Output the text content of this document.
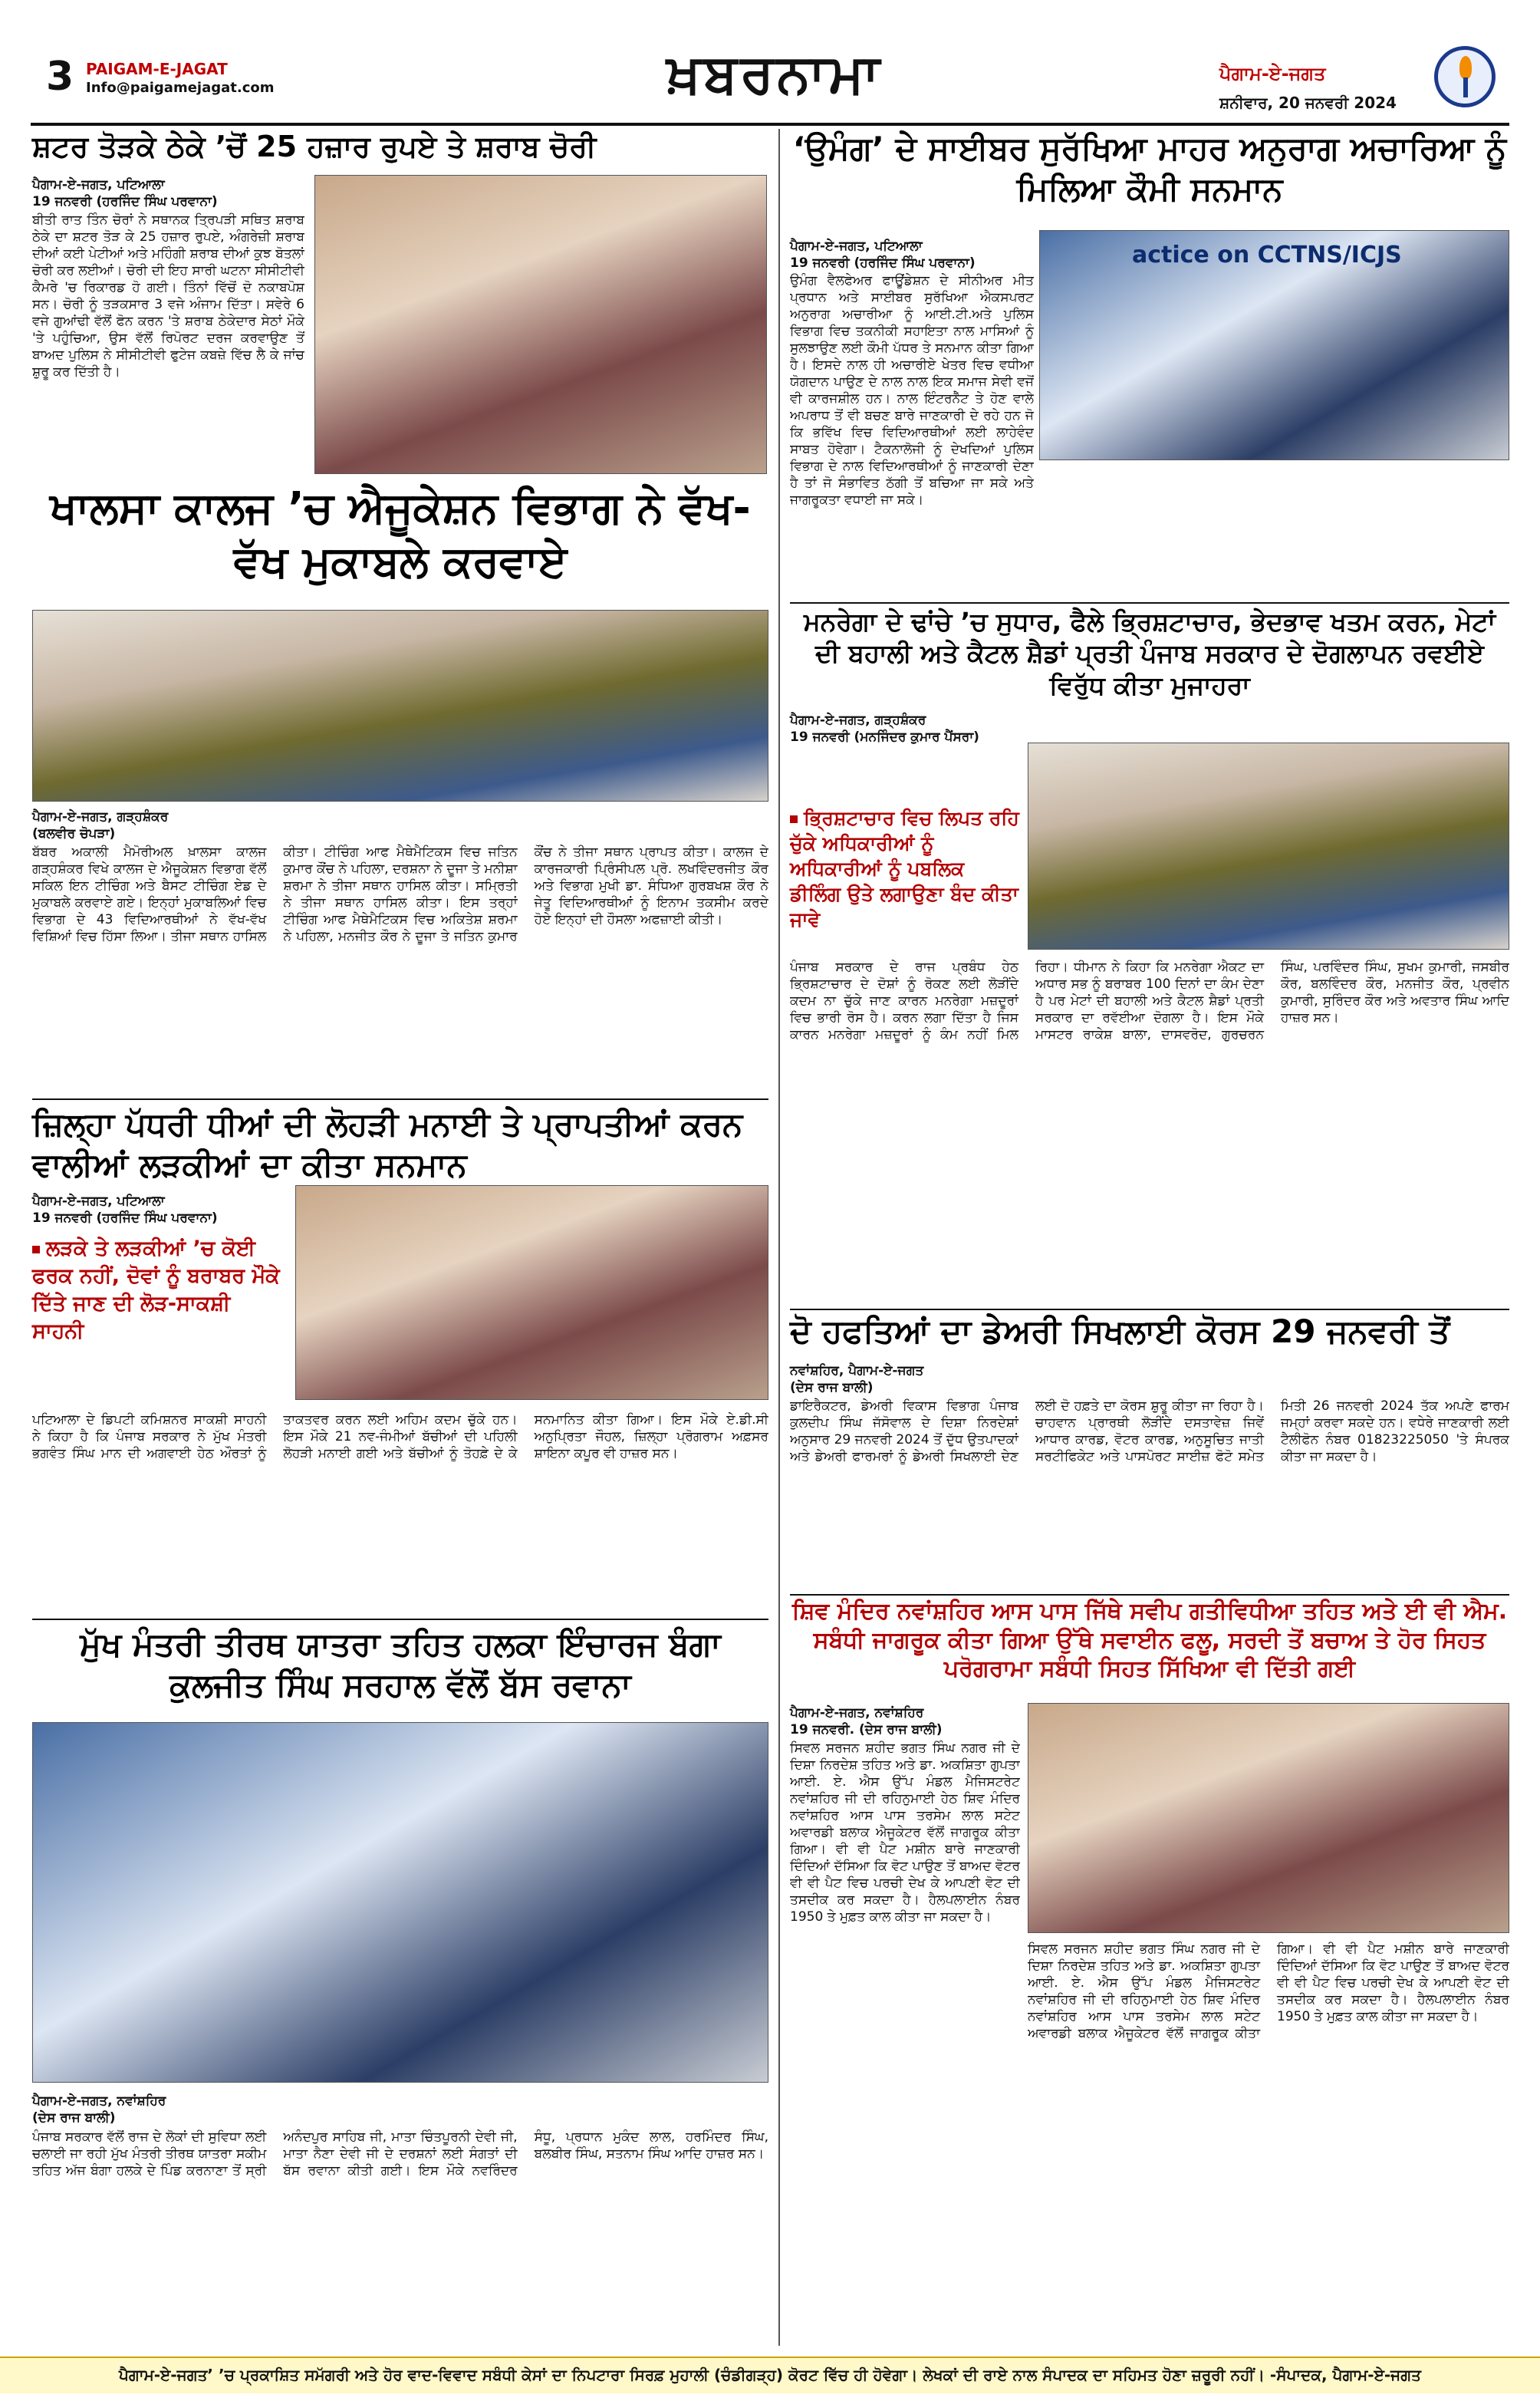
3 PAIGAM-E-JAGAT
Info@paigamejagat.com	ਖ਼ਬਰਨਾਮਾ	ਪੈਗਾਮ-ਏ-ਜਗਤ
ਸ਼ਨੀਵਾਰ, 20 ਜਨਵਰੀ 2024
ਸ਼ਟਰ ਤੋੜਕੇ ਠੇਕੇ ’ਚੋਂ 25 ਹਜ਼ਾਰ ਰੁਪਏ ਤੇ ਸ਼ਰਾਬ ਚੋਰੀ
ਪੈਗਾਮ-ਏ-ਜਗਤ, ਪਟਿਆਲਾ
19 ਜਨਵਰੀ (ਹਰਜਿੰਦ ਸਿੰਘ ਪਰਵਾਨਾ)
ਬੀਤੀ ਰਾਤ ਤਿੰਨ ਚੋਰਾਂ ਨੇ ਸਥਾਨਕ ਤ੍ਰਿਪੜੀ ਸਥਿਤ ਸ਼ਰਾਬ ਠੇਕੇ ਦਾ ਸ਼ਟਰ ਤੋੜ ਕੇ 25 ਹਜ਼ਾਰ ਰੁਪਏ, ਅੰਗਰੇਜ਼ੀ ਸ਼ਰਾਬ ਦੀਆਂ ਕਈ ਪੇਟੀਆਂ ਅਤੇ ਮਹਿੰਗੀ ਸ਼ਰਾਬ ਦੀਆਂ ਕੁਝ ਬੋਤਲਾਂ ਚੋਰੀ ਕਰ ਲਈਆਂ। ਚੋਰੀ ਦੀ ਇਹ ਸਾਰੀ ਘਟਨਾ ਸੀਸੀਟੀਵੀ ਕੈਮਰੇ 'ਚ ਰਿਕਾਰਡ ਹੋ ਗਈ। ਤਿੰਨਾਂ ਵਿੱਚੋਂ ਦੋ ਨਕਾਬਪੋਸ਼ ਸਨ। ਚੋਰੀ ਨੂੰ ਤੜਕਸਾਰ 3 ਵਜੇ ਅੰਜਾਮ ਦਿੱਤਾ। ਸਵੇਰੇ 6 ਵਜੇ ਗੁਆਂਢੀ ਵੱਲੋਂ ਫੋਨ ਕਰਨ 'ਤੇ ਸ਼ਰਾਬ ਠੇਕੇਦਾਰ ਸੇਠਾਂ ਮੌਕੇ 'ਤੇ ਪਹੁੰਚਿਆ, ਉਸ ਵੱਲੋਂ ਰਿਪੋਰਟ ਦਰਜ ਕਰਵਾਉਣ ਤੋਂ ਬਾਅਦ ਪੁਲਿਸ ਨੇ ਸੀਸੀਟੀਵੀ ਫੁਟੇਜ ਕਬਜ਼ੇ ਵਿੱਚ ਲੈ ਕੇ ਜਾਂਚ ਸ਼ੁਰੂ ਕਰ ਦਿੱਤੀ ਹੈ।
ਖਾਲਸਾ ਕਾਲਜ ’ਚ ਐਜੂਕੇਸ਼ਨ ਵਿਭਾਗ ਨੇ ਵੱਖ-ਵੱਖ ਮੁਕਾਬਲੇ ਕਰਵਾਏ
ਪੈਗਾਮ-ਏ-ਜਗਤ, ਗੜ੍ਹਸ਼ੰਕਰ
(ਬਲਵੀਰ ਚੋਪੜਾ)
ਬੱਬਰ ਅਕਾਲੀ ਮੈਮੋਰੀਅਲ ਖ਼ਾਲਸਾ ਕਾਲਜ ਗੜ੍ਹਸ਼ੰਕਰ ਵਿਖੇ ਕਾਲਜ ਦੇ ਐਜੂਕੇਸ਼ਨ ਵਿਭਾਗ ਵੱਲੋਂ ਸਕਿਲ ਇਨ ਟੀਚਿੰਗ ਅਤੇ ਬੈਸਟ ਟੀਚਿੰਗ ਏਡ ਦੇ ਮੁਕਾਬਲੇ ਕਰਵਾਏ ਗਏ। ਇਨ੍ਹਾਂ ਮੁਕਾਬਲਿਆਂ ਵਿਚ ਵਿਭਾਗ ਦੇ 43 ਵਿਦਿਆਰਥੀਆਂ ਨੇ ਵੱਖ-ਵੱਖ ਵਿਸ਼ਿਆਂ ਵਿਚ ਹਿੱਸਾ ਲਿਆ। ਤੀਜਾ ਸਥਾਨ ਹਾਸਿਲ ਕੀਤਾ। ਟੀਚਿੰਗ ਆਫ ਮੈਥੇਮੈਟਿਕਸ ਵਿਚ ਜਤਿਨ ਕੁਮਾਰ ਕੌਂਚ ਨੇ ਪਹਿਲਾ, ਦਰਸ਼ਨਾ ਨੇ ਦੂਜਾ ਤੇ ਮਨੀਸ਼ਾ ਸ਼ਰਮਾ ਨੇ ਤੀਜਾ ਸਥਾਨ ਹਾਸਿਲ ਕੀਤਾ। ਸਮ੍ਰਿਤੀ ਨੇ ਤੀਜਾ ਸਥਾਨ ਹਾਸਿਲ ਕੀਤਾ। ਇਸ ਤਰ੍ਹਾਂ ਟੀਚਿੰਗ ਆਫ ਮੈਥੇਮੈਟਿਕਸ ਵਿਚ ਅਕਿਤੇਸ਼ ਸ਼ਰਮਾ ਨੇ ਪਹਿਲਾ, ਮਨਜੀਤ ਕੌਰ ਨੇ ਦੂਜਾ ਤੇ ਜਤਿਨ ਕੁਮਾਰ ਕੌਂਚ ਨੇ ਤੀਜਾ ਸਥਾਨ ਪ੍ਰਾਪਤ ਕੀਤਾ। ਕਾਲਜ ਦੇ ਕਾਰਜਕਾਰੀ ਪ੍ਰਿੰਸੀਪਲ ਪ੍ਰੋ. ਲਖਵਿੰਦਰਜੀਤ ਕੌਰ ਅਤੇ ਵਿਭਾਗ ਮੁਖੀ ਡਾ. ਸੰਧਿਆ ਗੁਰਬਖਸ਼ ਕੌਰ ਨੇ ਜੇਤੂ ਵਿਦਿਆਰਥੀਆਂ ਨੂੰ ਇਨਾਮ ਤਕਸੀਮ ਕਰਦੇ ਹੋਏ ਇਨ੍ਹਾਂ ਦੀ ਹੌਸਲਾ ਅਫਜ਼ਾਈ ਕੀਤੀ।
ਜ਼ਿਲ੍ਹਾ ਪੱਧਰੀ ਧੀਆਂ ਦੀ ਲੋਹੜੀ ਮਨਾਈ ਤੇ ਪ੍ਰਾਪਤੀਆਂ ਕਰਨ ਵਾਲੀਆਂ ਲੜਕੀਆਂ ਦਾ ਕੀਤਾ ਸਨਮਾਨ
ਪੈਗਾਮ-ਏ-ਜਗਤ, ਪਟਿਆਲਾ
19 ਜਨਵਰੀ (ਹਰਜਿੰਦ ਸਿੰਘ ਪਰਵਾਨਾ)
ਲੜਕੇ ਤੇ ਲੜਕੀਆਂ ’ਚ ਕੋਈ ਫਰਕ ਨਹੀਂ, ਦੋਵਾਂ ਨੂੰ ਬਰਾਬਰ ਮੌਕੇ ਦਿੱਤੇ ਜਾਣ ਦੀ ਲੋੜ-ਸਾਕਸ਼ੀ ਸਾਹਨੀ
ਪਟਿਆਲਾ ਦੇ ਡਿਪਟੀ ਕਮਿਸ਼ਨਰ ਸਾਕਸ਼ੀ ਸਾਹਨੀ ਨੇ ਕਿਹਾ ਹੈ ਕਿ ਪੰਜਾਬ ਸਰਕਾਰ ਨੇ ਮੁੱਖ ਮੰਤਰੀ ਭਗਵੰਤ ਸਿੰਘ ਮਾਨ ਦੀ ਅਗਵਾਈ ਹੇਠ ਔਰਤਾਂ ਨੂੰ ਤਾਕਤਵਰ ਕਰਨ ਲਈ ਅਹਿਮ ਕਦਮ ਚੁੱਕੇ ਹਨ। ਇਸ ਮੌਕੇ 21 ਨਵ-ਜੰਮੀਆਂ ਬੱਚੀਆਂ ਦੀ ਪਹਿਲੀ ਲੋਹੜੀ ਮਨਾਈ ਗਈ ਅਤੇ ਬੱਚੀਆਂ ਨੂੰ ਤੋਹਫ਼ੇ ਦੇ ਕੇ ਸਨਮਾਨਿਤ ਕੀਤਾ ਗਿਆ। ਇਸ ਮੌਕੇ ਏ.ਡੀ.ਸੀ ਅਨੁਪ੍ਰਿਤਾ ਜੌਹਲ, ਜ਼ਿਲ੍ਹਾ ਪ੍ਰੋਗਰਾਮ ਅਫ਼ਸਰ ਸ਼ਾਇਨਾ ਕਪੂਰ ਵੀ ਹਾਜ਼ਰ ਸਨ।
ਮੁੱਖ ਮੰਤਰੀ ਤੀਰਥ ਯਾਤਰਾ ਤਹਿਤ ਹਲਕਾ ਇੰਚਾਰਜ ਬੰਗਾ ਕੁਲਜੀਤ ਸਿੰਘ ਸਰਹਾਲ ਵੱਲੋਂ ਬੱਸ ਰਵਾਨਾ
ਪੈਗਾਮ-ਏ-ਜਗਤ, ਨਵਾਂਸ਼ਹਿਰ
(ਦੇਸ ਰਾਜ ਬਾਲੀ)
ਪੰਜਾਬ ਸਰਕਾਰ ਵੱਲੋਂ ਰਾਜ ਦੇ ਲੋਕਾਂ ਦੀ ਸੁਵਿਧਾ ਲਈ ਚਲਾਈ ਜਾ ਰਹੀ ਮੁੱਖ ਮੰਤਰੀ ਤੀਰਥ ਯਾਤਰਾ ਸਕੀਮ ਤਹਿਤ ਅੱਜ ਬੰਗਾ ਹਲਕੇ ਦੇ ਪਿੰਡ ਕਰਨਾਣਾ ਤੋਂ ਸ੍ਰੀ ਅਨੰਦਪੁਰ ਸਾਹਿਬ ਜੀ, ਮਾਤਾ ਚਿੰਤਪੂਰਨੀ ਦੇਵੀ ਜੀ, ਮਾਤਾ ਨੈਣਾ ਦੇਵੀ ਜੀ ਦੇ ਦਰਸ਼ਨਾਂ ਲਈ ਸੰਗਤਾਂ ਦੀ ਬੱਸ ਰਵਾਨਾ ਕੀਤੀ ਗਈ। ਇਸ ਮੌਕੇ ਨਵਰਿੰਦਰ ਸੰਧੂ, ਪ੍ਰਧਾਨ ਮੁਕੰਦ ਲਾਲ, ਹਰਮਿੰਦਰ ਸਿੰਘ, ਬਲਬੀਰ ਸਿੰਘ, ਸਤਨਾਮ ਸਿੰਘ ਆਦਿ ਹਾਜ਼ਰ ਸਨ।
‘ਉਮੰਗ’ ਦੇ ਸਾਈਬਰ ਸੁਰੱਖਿਆ ਮਾਹਰ ਅਨੁਰਾਗ ਅਚਾਰਿਆ ਨੂੰ ਮਿਲਿਆ ਕੌਮੀ ਸਨਮਾਨ
ਪੈਗਾਮ-ਏ-ਜਗਤ, ਪਟਿਆਲਾ
19 ਜਨਵਰੀ (ਹਰਜਿੰਦ ਸਿੰਘ ਪਰਵਾਨਾ)	actice on CCTNS/ICJS
ਉਮੰਗ ਵੈਲਫੇਅਰ ਫਾਊਂਡੇਸ਼ਨ ਦੇ ਸੀਨੀਅਰ ਮੀਤ ਪ੍ਰਧਾਨ ਅਤੇ ਸਾਈਬਰ ਸੁਰੱਖਿਆ ਐਕਸਪਰਟ ਅਨੁਰਾਗ ਅਚਾਰੀਆ ਨੂੰ ਆਈ.ਟੀ.ਅਤੇ ਪੁਲਿਸ ਵਿਭਾਗ ਵਿਚ ਤਕਨੀਕੀ ਸਹਾਇਤਾ ਨਾਲ ਮਾਸਿਆਂ ਨੂੰ ਸੁਲਝਾਉਣ ਲਈ ਕੌਮੀ ਪੱਧਰ ਤੇ ਸਨਮਾਨ ਕੀਤਾ ਗਿਆ ਹੈ। ਇਸਦੇ ਨਾਲ ਹੀ ਅਚਾਰੀਏ ਖੇਤਰ ਵਿਚ ਵਧੀਆ ਯੋਗਦਾਨ ਪਾਉਣ ਦੇ ਨਾਲ ਨਾਲ ਇਕ ਸਮਾਜ ਸੇਵੀ ਵਜੋਂ ਵੀ ਕਾਰਜਸ਼ੀਲ ਹਨ। ਨਾਲ ਇੰਟਰਨੈੱਟ ਤੇ ਹੋਣ ਵਾਲੇ ਅਪਰਾਧ ਤੋਂ ਵੀ ਬਚਣ ਬਾਰੇ ਜਾਣਕਾਰੀ ਦੇ ਰਹੇ ਹਨ ਜੋ ਕਿ ਭਵਿੱਖ ਵਿਚ ਵਿਦਿਆਰਥੀਆਂ ਲਈ ਲਾਹੇਵੰਦ ਸਾਬਤ ਹੋਵੇਗਾ। ਟੈਕਨਾਲੋਜੀ ਨੂੰ ਦੇਖਦਿਆਂ ਪੁਲਿਸ ਵਿਭਾਗ ਦੇ ਨਾਲ ਵਿਦਿਆਰਥੀਆਂ ਨੂੰ ਜਾਣਕਾਰੀ ਦੇਣਾ ਹੈ ਤਾਂ ਜੋ ਸੰਭਾਵਿਤ ਠੱਗੀ ਤੋਂ ਬਚਿਆ ਜਾ ਸਕੇ ਅਤੇ ਜਾਗਰੂਕਤਾ ਵਧਾਈ ਜਾ ਸਕੇ।
ਮਨਰੇਗਾ ਦੇ ਢਾਂਚੇ ’ਚ ਸੁਧਾਰ, ਫੈਲੇ ਭ੍ਰਿਸ਼ਟਾਚਾਰ, ਭੇਦਭਾਵ ਖਤਮ ਕਰਨ, ਮੇਟਾਂ ਦੀ ਬਹਾਲੀ ਅਤੇ ਕੈਟਲ ਸ਼ੈਡਾਂ ਪ੍ਰਤੀ ਪੰਜਾਬ ਸਰਕਾਰ ਦੇ ਦੋਗਲਾਪਨ ਰਵਈਏ ਵਿਰੁੱਧ ਕੀਤਾ ਮੁਜਾਹਰਾ
ਪੈਗਾਮ-ਏ-ਜਗਤ, ਗੜ੍ਹਸ਼ੰਕਰ
19 ਜਨਵਰੀ (ਮਨਜਿੰਦਰ ਕੁਮਾਰ ਪੈਂਸਰਾ)
ਭ੍ਰਿਸ਼ਟਾਚਾਰ ਵਿਚ ਲਿਪਤ ਰਹਿ ਚੁੱਕੇ ਅਧਿਕਾਰੀਆਂ ਨੂੰ ਅਧਿਕਾਰੀਆਂ ਨੂੰ ਪਬਲਿਕ ਡੀਲਿੰਗ ਉਤੇ ਲਗਾਉਣਾ ਬੰਦ ਕੀਤਾ ਜਾਵੇ
ਪੰਜਾਬ ਸਰਕਾਰ ਦੇ ਰਾਜ ਪ੍ਰਬੰਧ ਹੇਠ ਭ੍ਰਿਸ਼ਟਾਚਾਰ ਦੇ ਦੋਸ਼ਾਂ ਨੂੰ ਰੋਕਣ ਲਈ ਲੋੜੀਂਦੇ ਕਦਮ ਨਾ ਚੁੱਕੇ ਜਾਣ ਕਾਰਨ ਮਨਰੇਗਾ ਮਜ਼ਦੂਰਾਂ ਵਿਚ ਭਾਰੀ ਰੋਸ ਹੈ। ਕਰਨ ਲਗਾ ਦਿੱਤਾ ਹੈ ਜਿਸ ਕਾਰਨ ਮਨਰੇਗਾ ਮਜ਼ਦੂਰਾਂ ਨੂੰ ਕੰਮ ਨਹੀਂ ਮਿਲ ਰਿਹਾ। ਧੀਮਾਨ ਨੇ ਕਿਹਾ ਕਿ ਮਨਰੇਗਾ ਐਕਟ ਦਾ ਅਧਾਰ ਸਭ ਨੂੰ ਬਰਾਬਰ 100 ਦਿਨਾਂ ਦਾ ਕੰਮ ਦੇਣਾ ਹੈ ਪਰ ਮੇਟਾਂ ਦੀ ਬਹਾਲੀ ਅਤੇ ਕੈਟਲ ਸ਼ੈਡਾਂ ਪ੍ਰਤੀ ਸਰਕਾਰ ਦਾ ਰਵੱਈਆ ਦੋਗਲਾ ਹੈ। ਇਸ ਮੌਕੇ ਮਾਸਟਰ ਰਾਕੇਸ਼ ਬਾਲਾ, ਦਾਸਵਰੋਦ, ਗੁਰਚਰਨ ਸਿੰਘ, ਪਰਵਿੰਦਰ ਸਿੰਘ, ਸੁਖਮ ਕੁਮਾਰੀ, ਜਸਬੀਰ ਕੌਰ, ਬਲਵਿੰਦਰ ਕੌਰ, ਮਨਜੀਤ ਕੌਰ, ਪ੍ਰਵੀਨ ਕੁਮਾਰੀ, ਸੁਰਿੰਦਰ ਕੌਰ ਅਤੇ ਅਵਤਾਰ ਸਿੰਘ ਆਦਿ ਹਾਜ਼ਰ ਸਨ।
ਦੋ ਹਫਤਿਆਂ ਦਾ ਡੇਅਰੀ ਸਿਖਲਾਈ ਕੋਰਸ 29 ਜਨਵਰੀ ਤੋਂ
ਨਵਾਂਸ਼ਹਿਰ, ਪੈਗਾਮ-ਏ-ਜਗਤ
(ਦੇਸ ਰਾਜ ਬਾਲੀ)
ਡਾਇਰੈਕਟਰ, ਡੇਅਰੀ ਵਿਕਾਸ ਵਿਭਾਗ ਪੰਜਾਬ ਕੁਲਦੀਪ ਸਿੰਘ ਜੱਸੋਵਾਲ ਦੇ ਦਿਸ਼ਾ ਨਿਰਦੇਸ਼ਾਂ ਅਨੁਸਾਰ 29 ਜਨਵਰੀ 2024 ਤੋਂ ਦੁੱਧ ਉਤਪਾਦਕਾਂ ਅਤੇ ਡੇਅਰੀ ਫਾਰਮਰਾਂ ਨੂੰ ਡੇਅਰੀ ਸਿਖਲਾਈ ਦੇਣ ਲਈ ਦੋ ਹਫ਼ਤੇ ਦਾ ਕੋਰਸ ਸ਼ੁਰੂ ਕੀਤਾ ਜਾ ਰਿਹਾ ਹੈ। ਚਾਹਵਾਨ ਪ੍ਰਾਰਥੀ ਲੋੜੀਂਦੇ ਦਸਤਾਵੇਜ਼ ਜਿਵੇਂ ਆਧਾਰ ਕਾਰਡ, ਵੋਟਰ ਕਾਰਡ, ਅਨੁਸੂਚਿਤ ਜਾਤੀ ਸਰਟੀਫਿਕੇਟ ਅਤੇ ਪਾਸਪੋਰਟ ਸਾਈਜ਼ ਫੋਟੋ ਸਮੇਤ ਮਿਤੀ 26 ਜਨਵਰੀ 2024 ਤੱਕ ਅਪਣੇ ਫਾਰਮ ਜਮ੍ਹਾਂ ਕਰਵਾ ਸਕਦੇ ਹਨ। ਵਧੇਰੇ ਜਾਣਕਾਰੀ ਲਈ ਟੈਲੀਫੋਨ ਨੰਬਰ 01823225050 'ਤੇ ਸੰਪਰਕ ਕੀਤਾ ਜਾ ਸਕਦਾ ਹੈ।
ਸ਼ਿਵ ਮੰਦਿਰ ਨਵਾਂਸ਼ਹਿਰ ਆਸ ਪਾਸ ਜਿੱਥੇ ਸਵੀਪ ਗਤੀਵਿਧੀਆ ਤਹਿਤ ਅਤੇ ਈ ਵੀ ਐਮ. ਸਬੰਧੀ ਜਾਗਰੂਕ ਕੀਤਾ ਗਿਆ ਉੱਥੇ ਸਵਾਈਨ ਫਲੂ, ਸਰਦੀ ਤੋਂ ਬਚਾਅ ਤੇ ਹੋਰ ਸਿਹਤ ਪਰੋਗਰਾਮਾ ਸਬੰਧੀ ਸਿਹਤ ਸਿੱਖਿਆ ਵੀ ਦਿੱਤੀ ਗਈ
ਪੈਗਾਮ-ਏ-ਜਗਤ, ਨਵਾਂਸ਼ਹਿਰ
19 ਜਨਵਰੀ. (ਦੇਸ ਰਾਜ ਬਾਲੀ)
ਸਿਵਲ ਸਰਜਨ ਸ਼ਹੀਦ ਭਗਤ ਸਿੰਘ ਨਗਰ ਜੀ ਦੇ ਦਿਸ਼ਾ ਨਿਰਦੇਸ਼ ਤਹਿਤ ਅਤੇ ਡਾ. ਅਕਸ਼ਿਤਾ ਗੁਪਤਾ ਆਈ. ਏ. ਐਸ ਉੱਪ ਮੰਡਲ ਮੈਜਿਸਟਰੇਟ ਨਵਾਂਸ਼ਹਿਰ ਜੀ ਦੀ ਰਹਿਨੁਮਾਈ ਹੇਠ ਸ਼ਿਵ ਮੰਦਿਰ ਨਵਾਂਸ਼ਹਿਰ ਆਸ ਪਾਸ ਤਰਸੇਮ ਲਾਲ ਸਟੇਟ ਅਵਾਰਡੀ ਬਲਾਕ ਐਜੂਕੇਟਰ ਵੱਲੋਂ ਜਾਗਰੂਕ ਕੀਤਾ ਗਿਆ। ਵੀ ਵੀ ਪੈਟ ਮਸ਼ੀਨ ਬਾਰੇ ਜਾਣਕਾਰੀ ਦਿੰਦਿਆਂ ਦੱਸਿਆ ਕਿ ਵੋਟ ਪਾਉਣ ਤੋਂ ਬਾਅਦ ਵੋਟਰ ਵੀ ਵੀ ਪੈਟ ਵਿਚ ਪਰਚੀ ਦੇਖ ਕੇ ਆਪਣੀ ਵੋਟ ਦੀ ਤਸਦੀਕ ਕਰ ਸਕਦਾ ਹੈ। ਹੈਲਪਲਾਈਨ ਨੰਬਰ 1950 ਤੇ ਮੁਫ਼ਤ ਕਾਲ ਕੀਤਾ ਜਾ ਸਕਦਾ ਹੈ।
ਸਿਵਲ ਸਰਜਨ ਸ਼ਹੀਦ ਭਗਤ ਸਿੰਘ ਨਗਰ ਜੀ ਦੇ ਦਿਸ਼ਾ ਨਿਰਦੇਸ਼ ਤਹਿਤ ਅਤੇ ਡਾ. ਅਕਸ਼ਿਤਾ ਗੁਪਤਾ ਆਈ. ਏ. ਐਸ ਉੱਪ ਮੰਡਲ ਮੈਜਿਸਟਰੇਟ ਨਵਾਂਸ਼ਹਿਰ ਜੀ ਦੀ ਰਹਿਨੁਮਾਈ ਹੇਠ ਸ਼ਿਵ ਮੰਦਿਰ ਨਵਾਂਸ਼ਹਿਰ ਆਸ ਪਾਸ ਤਰਸੇਮ ਲਾਲ ਸਟੇਟ ਅਵਾਰਡੀ ਬਲਾਕ ਐਜੂਕੇਟਰ ਵੱਲੋਂ ਜਾਗਰੂਕ ਕੀਤਾ ਗਿਆ। ਵੀ ਵੀ ਪੈਟ ਮਸ਼ੀਨ ਬਾਰੇ ਜਾਣਕਾਰੀ ਦਿੰਦਿਆਂ ਦੱਸਿਆ ਕਿ ਵੋਟ ਪਾਉਣ ਤੋਂ ਬਾਅਦ ਵੋਟਰ ਵੀ ਵੀ ਪੈਟ ਵਿਚ ਪਰਚੀ ਦੇਖ ਕੇ ਆਪਣੀ ਵੋਟ ਦੀ ਤਸਦੀਕ ਕਰ ਸਕਦਾ ਹੈ। ਹੈਲਪਲਾਈਨ ਨੰਬਰ 1950 ਤੇ ਮੁਫ਼ਤ ਕਾਲ ਕੀਤਾ ਜਾ ਸਕਦਾ ਹੈ।
ਪੈਗਾਮ-ਏ-ਜਗਤ’ ’ਚ ਪ੍ਰਕਾਸ਼ਿਤ ਸਮੱਗਰੀ ਅਤੇ ਹੋਰ ਵਾਦ-ਵਿਵਾਦ ਸਬੰਧੀ ਕੇਸਾਂ ਦਾ ਨਿਪਟਾਰਾ ਸਿਰਫ਼ ਮੁਹਾਲੀ (ਚੰਡੀਗੜ੍ਹ) ਕੋਰਟ ਵਿੱਚ ਹੀ ਹੋਵੇਗਾ। ਲੇਖਕਾਂ ਦੀ ਰਾਏ ਨਾਲ ਸੰਪਾਦਕ ਦਾ ਸਹਿਮਤ ਹੋਣਾ ਜ਼ਰੂਰੀ ਨਹੀਂ। -ਸੰਪਾਦਕ, ਪੈਗਾਮ-ਏ-ਜਗਤ
